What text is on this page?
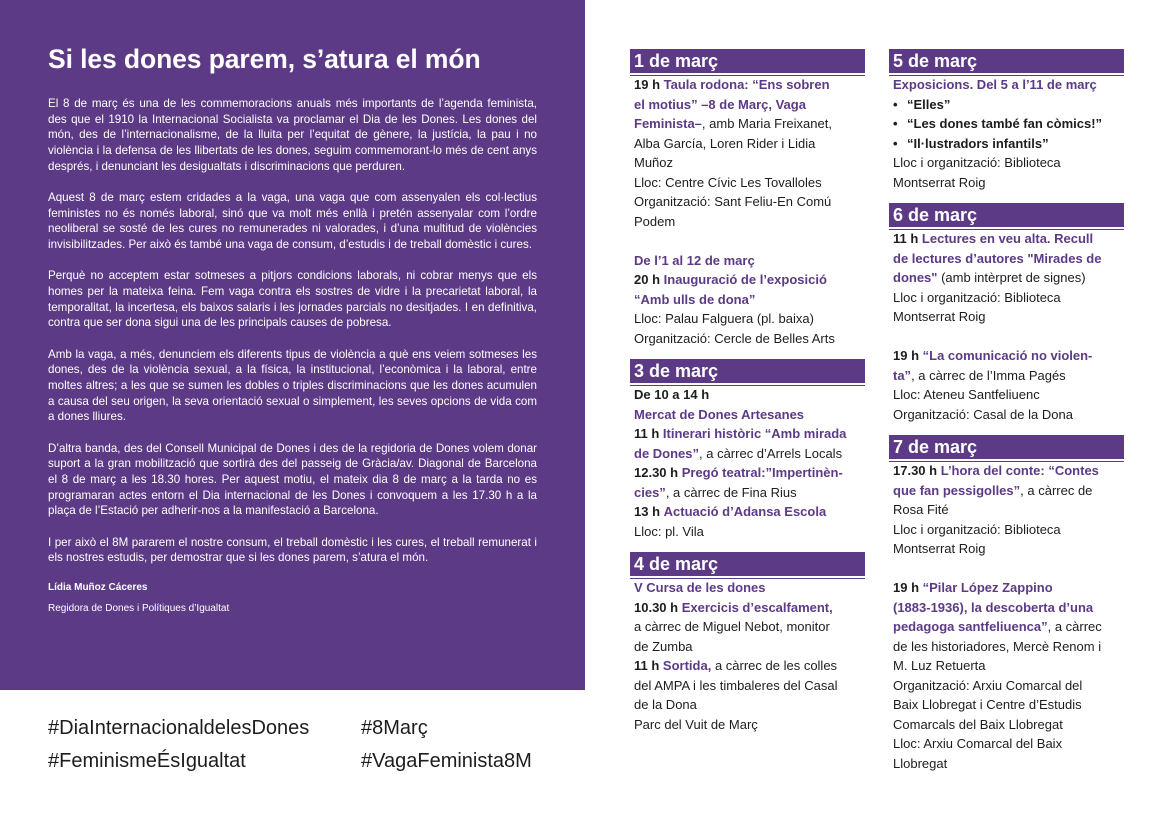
Si les dones parem, s’atura el món

El 8 de març és una de les commemoracions anuals més importants de l’agenda feminista, des que el 1910 la Internacional Socialista va proclamar el Dia de les Dones. Les dones del món, des de l’internacionalisme, de la lluita per l’equitat de gènere, la justícia, la pau i no violència i la defensa de les llibertats de les dones, seguim commemorant-lo més de cent anys després, i denunciant les desigualtats i discriminacions que perduren.

Aquest 8 de març estem cridades a la vaga, una vaga que com assenyalen els col·lectius feministes no és només laboral, sinó que va molt més enllà i pretén assenyalar com l’ordre neoliberal se sosté de les cures no remunerades ni valorades, i d’una multitud de violències invisibilitzades. Per això és també una vaga de consum, d’estudis i de treball domèstic i cures.

Perquè no acceptem estar sotmeses a pitjors condicions laborals, ni cobrar menys que els homes per la mateixa feina. Fem vaga contra els sostres de vidre i la precarietat laboral, la temporalitat, la incertesa, els baixos salaris i les jornades parcials no desitjades. I en definitiva, contra que ser dona sigui una de les principals causes de pobresa.

Amb la vaga, a més, denunciem els diferents tipus de violència a què ens veiem sotmeses les dones, des de la violència sexual, a la física, la institucional, l’econòmica i la laboral, entre moltes altres; a les que se sumen les dobles o triples discriminacions que les dones acumulen a causa del seu origen, la seva orientació sexual o simplement, les seves opcions de vida com a dones lliures.

D’altra banda, des del Consell Municipal de Dones i des de la regidoria de Dones volem donar suport a la gran mobilització que sortirà des del passeig de Gràcia/av. Diagonal de Barcelona el 8 de març a les 18.30 hores. Per aquest motiu, el mateix dia 8 de març a la tarda no es programaran actes entorn el Dia internacional de les Dones i convoquem a les 17.30 h a la plaça de l’Estació per adherir-nos a la manifestació a Barcelona.

I per això el 8M pararem el nostre consum, el treball domèstic i les cures, el treball remunerat i els nostres estudis, per demostrar que si les dones parem, s’atura el món.

Lídia Muñoz Cáceres
Regidora de Dones i Polítiques d’Igualtat
#DiaInternacionaldelesDones	#8Març
#FeminismeÉsIgualtat	#VagaFeminista8M
1 de març
19 h Taula rodona: “Ens sobren
el motius” –8 de Març, Vaga
Feminista–, amb Maria Freixanet,
Alba García, Loren Rider i Lidia
Muñoz
Lloc: Centre Cívic Les Tovalloles
Organització: Sant Feliu-En Comú
Podem
De l’1 al 12 de març
20 h Inauguració de l’exposició
“Amb ulls de dona”
Lloc: Palau Falguera (pl. baixa)
Organització: Cercle de Belles Arts
3 de març
De 10 a 14 h
Mercat de Dones Artesanes
11 h Itinerari històric “Amb mirada
de Dones”, a càrrec d’Arrels Locals
12.30 h Pregó teatral:”Impertinèn-
cies”, a càrrec de Fina Rius
13 h Actuació d’Adansa Escola
Lloc: pl. Vila
4 de març
V Cursa de les dones
10.30 h Exercicis d’escalfament,
a càrrec de Miguel Nebot, monitor
de Zumba
11 h Sortida, a càrrec de les colles
del AMPA i les timbaleres del Casal
de la Dona
Parc del Vuit de Març
5 de març
Exposicions. Del 5 a l’11 de març
• “Elles”
• “Les dones també fan còmics!”
• “Il·lustradors infantils”
Lloc i organització: Biblioteca
Montserrat Roig
6 de març
11 h Lectures en veu alta. Recull
de lectures d’autores "Mirades de
dones" (amb intèrpret de signes)
Lloc i organització: Biblioteca
Montserrat Roig
19 h “La comunicació no violen-
ta”, a càrrec de l’Imma Pagés
Lloc: Ateneu Santfeliuenc
Organització: Casal de la Dona
7 de març
17.30 h L’hora del conte: “Contes
que fan pessigolles”, a càrrec de
Rosa Fité
Lloc i organització: Biblioteca
Montserrat Roig
19 h “Pilar López Zappino
(1883-1936), la descoberta d’una
pedagoga santfeliuenca”, a càrrec
de les historiadores, Mercè Renom i
M. Luz Retuerta
Organització: Arxiu Comarcal del
Baix Llobregat i Centre d’Estudis
Comarcals del Baix Llobregat
Lloc: Arxiu Comarcal del Baix
Llobregat
